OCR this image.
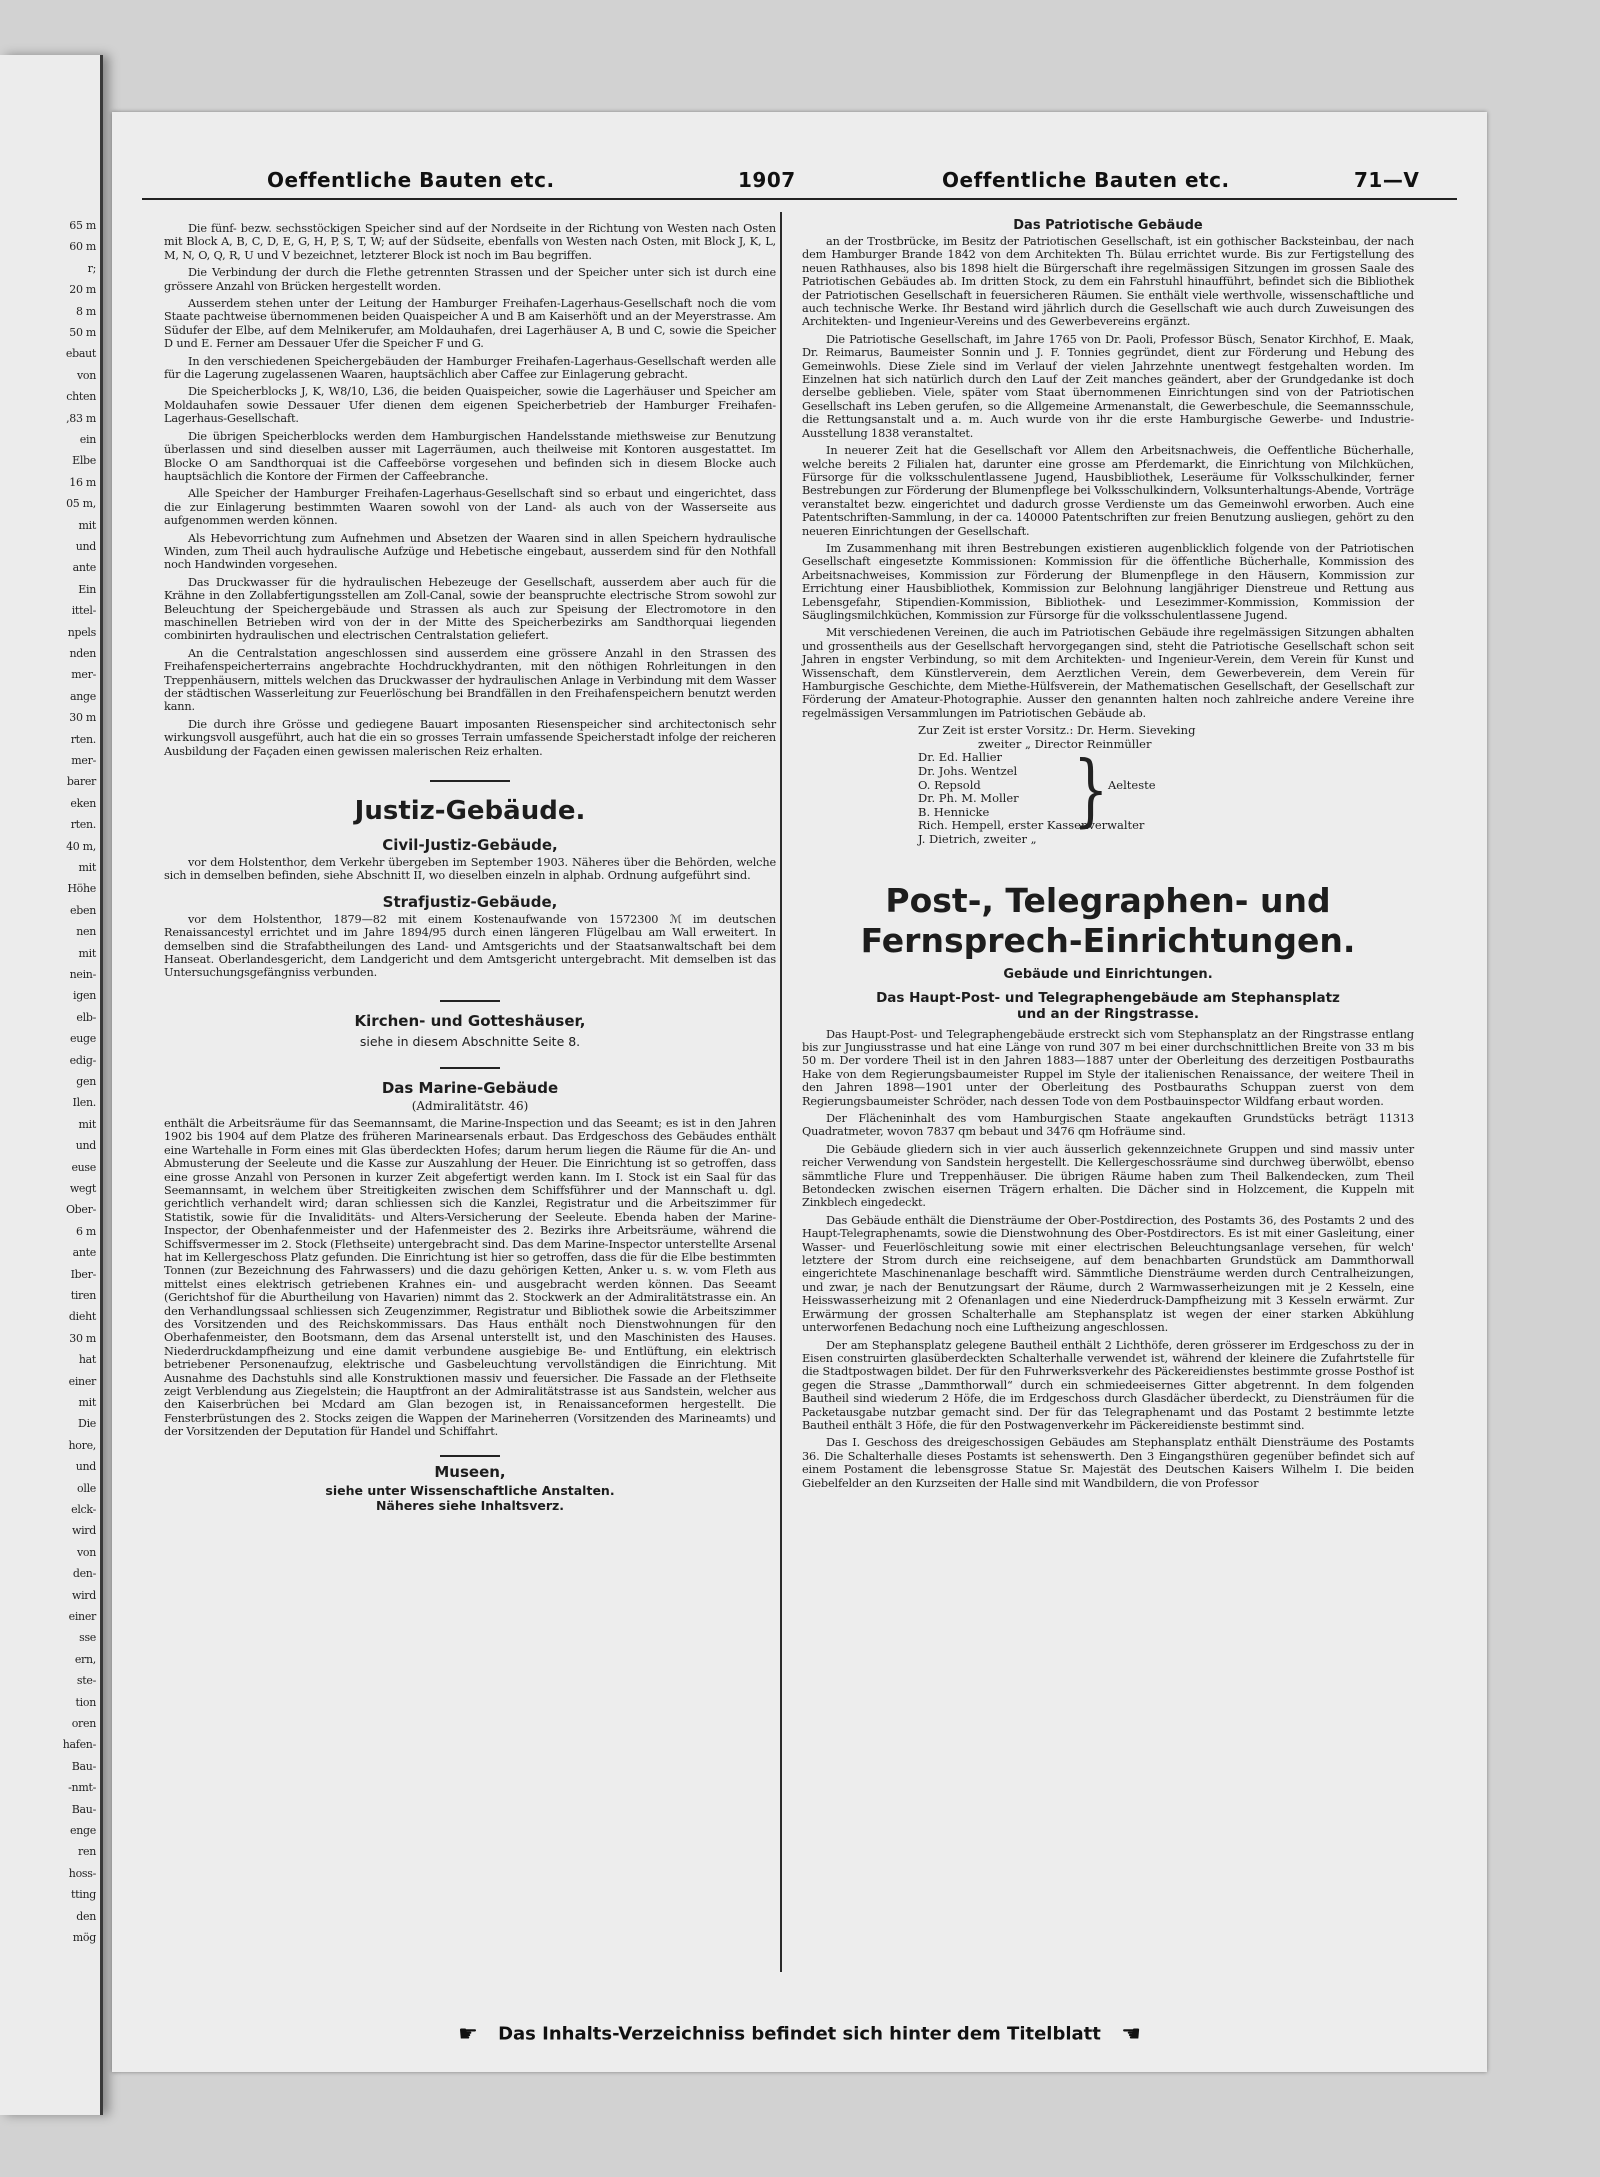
65 m
60 m
r;
20 m
8 m
50 m
ebaut
von
chten
,83 m
ein
Elbe
16 m
05 m,
mit
und
ante
Ein
ittel-
npels
nden
mer-
ange
30 m
rten.
mer-
barer
eken
rten.
40 m,
mit
Höhe
eben
nen
mit
nein-
igen
elb-
euge
edig-
gen
Ilen.
mit
und
euse
wegt
Ober-
6 m
ante
Iber-
tiren
dieht
30 m
hat
einer
mit
Die
hore,
und
olle
elck-
wird
von
den-
wird
einer
sse
ern,
ste-
tion
oren
hafen-
Bau-
-nmt-
Bau-
enge
ren
hoss-
tting
den
mög
Oeffentliche Bauten etc.	1907	Oeffentliche Bauten etc.	71—V

Die fünf- bezw. sechsstöckigen Speicher sind auf der Nordseite in der Richtung von Westen nach Osten mit Block A, B, C, D, E, G, H, P, S, T, W; auf der Südseite, ebenfalls von Westen nach Osten, mit Block J, K, L, M, N, O, Q, R, U und V bezeichnet, letzterer Block ist noch im Bau begriffen.

Die Verbindung der durch die Flethe getrennten Strassen und der Speicher unter sich ist durch eine grössere Anzahl von Brücken hergestellt worden.

Ausserdem stehen unter der Leitung der Hamburger Freihafen-Lagerhaus-Gesellschaft noch die vom Staate pachtweise übernommenen beiden Quaispeicher A und B am Kaiserhöft und an der Meyerstrasse. Am Südufer der Elbe, auf dem Melnikerufer, am Moldauhafen, drei Lagerhäuser A, B und C, sowie die Speicher D und E. Ferner am Dessauer Ufer die Speicher F und G.

In den verschiedenen Speichergebäuden der Hamburger Freihafen-Lagerhaus-Gesellschaft werden alle für die Lagerung zugelassenen Waaren, hauptsächlich aber Caffee zur Einlagerung gebracht.

Die Speicherblocks J, K, W8/10, L36, die beiden Quaispeicher, sowie die Lagerhäuser und Speicher am Moldauhafen sowie Dessauer Ufer dienen dem eigenen Speicherbetrieb der Hamburger Freihafen-Lagerhaus-Gesellschaft.

Die übrigen Speicherblocks werden dem Hamburgischen Handelsstande miethsweise zur Benutzung überlassen und sind dieselben ausser mit Lagerräumen, auch theilweise mit Kontoren ausgestattet. Im Blocke O am Sandthorquai ist die Caffeebörse vorgesehen und befinden sich in diesem Blocke auch hauptsächlich die Kontore der Firmen der Caffeebranche.

Alle Speicher der Hamburger Freihafen-Lagerhaus-Gesellschaft sind so erbaut und eingerichtet, dass die zur Einlagerung bestimmten Waaren sowohl von der Land- als auch von der Wasserseite aus aufgenommen werden können.

Als Hebevorrichtung zum Aufnehmen und Absetzen der Waaren sind in allen Speichern hydraulische Winden, zum Theil auch hydraulische Aufzüge und Hebetische eingebaut, ausserdem sind für den Nothfall noch Handwinden vorgesehen.

Das Druckwasser für die hydraulischen Hebezeuge der Gesellschaft, ausserdem aber auch für die Krähne in den Zollabfertigungsstellen am Zoll-Canal, sowie der beanspruchte electrische Strom sowohl zur Beleuchtung der Speichergebäude und Strassen als auch zur Speisung der Electromotore in den maschinellen Betrieben wird von der in der Mitte des Speicherbezirks am Sandthorquai liegenden combinirten hydraulischen und electrischen Centralstation geliefert.

An die Centralstation angeschlossen sind ausserdem eine grössere Anzahl in den Strassen des Freihafenspeicherterrains angebrachte Hochdruckhydranten, mit den nöthigen Rohrleitungen in den Treppenhäusern, mittels welchen das Druckwasser der hydraulischen Anlage in Verbindung mit dem Wasser der städtischen Wasserleitung zur Feuerlöschung bei Brandfällen in den Freihafenspeichern benutzt werden kann.

Die durch ihre Grösse und gediegene Bauart imposanten Riesenspeicher sind architectonisch sehr wirkungsvoll ausgeführt, auch hat die ein so grosses Terrain umfassende Speicherstadt infolge der reicheren Ausbildung der Façaden einen gewissen malerischen Reiz erhalten.

Justiz-Gebäude.
Civil-Justiz-Gebäude,

vor dem Holstenthor, dem Verkehr übergeben im September 1903. Näheres über die Behörden, welche sich in demselben befinden, siehe Abschnitt II, wo dieselben einzeln in alphab. Ordnung aufgeführt sind.

Strafjustiz-Gebäude,

vor dem Holstenthor, 1879—82 mit einem Kostenaufwande von 1572300 ℳ im deutschen Renaissancestyl errichtet und im Jahre 1894/95 durch einen längeren Flügelbau am Wall erweitert. In demselben sind die Strafabtheilungen des Land- und Amtsgerichts und der Staatsanwaltschaft bei dem Hanseat. Oberlandesgericht, dem Landgericht und dem Amtsgericht untergebracht. Mit demselben ist das Untersuchungsgefängniss verbunden.

Kirchen- und Gotteshäuser,
siehe in diesem Abschnitte Seite 8.
Das Marine-Gebäude
(Admiralitätstr. 46)

enthält die Arbeitsräume für das Seemannsamt, die Marine-Inspection und das Seeamt; es ist in den Jahren 1902 bis 1904 auf dem Platze des früheren Marinearsenals erbaut. Das Erdgeschoss des Gebäudes enthält eine Wartehalle in Form eines mit Glas überdeckten Hofes; darum herum liegen die Räume für die An- und Abmusterung der Seeleute und die Kasse zur Auszahlung der Heuer. Die Einrichtung ist so getroffen, dass eine grosse Anzahl von Personen in kurzer Zeit abgefertigt werden kann. Im I. Stock ist ein Saal für das Seemannsamt, in welchem über Streitigkeiten zwischen dem Schiffsführer und der Mannschaft u. dgl. gerichtlich verhandelt wird; daran schliessen sich die Kanzlei, Registratur und die Arbeitszimmer für Statistik, sowie für die Invaliditäts- und Alters-Versicherung der Seeleute. Ebenda haben der Marine-Inspector, der Obenhafenmeister und der Hafenmeister des 2. Bezirks ihre Arbeitsräume, während die Schiffsvermesser im 2. Stock (Flethseite) untergebracht sind. Das dem Marine-Inspector unterstellte Arsenal hat im Kellergeschoss Platz gefunden. Die Einrichtung ist hier so getroffen, dass die für die Elbe bestimmten Tonnen (zur Bezeichnung des Fahrwassers) und die dazu gehörigen Ketten, Anker u. s. w. vom Fleth aus mittelst eines elektrisch getriebenen Krahnes ein- und ausgebracht werden können. Das Seeamt (Gerichtshof für die Aburtheilung von Havarien) nimmt das 2. Stockwerk an der Admiralitätstrasse ein. An den Verhandlungssaal schliessen sich Zeugenzimmer, Registratur und Bibliothek sowie die Arbeitszimmer des Vorsitzenden und des Reichskommissars. Das Haus enthält noch Dienstwohnungen für den Oberhafenmeister, den Bootsmann, dem das Arsenal unterstellt ist, und den Maschinisten des Hauses. Niederdruckdampfheizung und eine damit verbundene ausgiebige Be- und Entlüftung, ein elektrisch betriebener Personenaufzug, elektrische und Gasbeleuchtung vervollständigen die Einrichtung. Mit Ausnahme des Dachstuhls sind alle Konstruktionen massiv und feuersicher. Die Fassade an der Flethseite zeigt Verblendung aus Ziegelstein; die Hauptfront an der Admiralitätstrasse ist aus Sandstein, welcher aus den Kaiserbrüchen bei Mcdard am Glan bezogen ist, in Renaissanceformen hergestellt. Die Fensterbrüstungen des 2. Stocks zeigen die Wappen der Marineherren (Vorsitzenden des Marineamts) und der Vorsitzenden der Deputation für Handel und Schiffahrt.

Museen,
siehe unter Wissenschaftliche Anstalten.
Näheres siehe Inhaltsverz.
Das Patriotische Gebäude

an der Trostbrücke, im Besitz der Patriotischen Gesellschaft, ist ein gothischer Backsteinbau, der nach dem Hamburger Brande 1842 von dem Architekten Th. Bülau errichtet wurde. Bis zur Fertigstellung des neuen Rathhauses, also bis 1898 hielt die Bürgerschaft ihre regelmässigen Sitzungen im grossen Saale des Patriotischen Gebäudes ab. Im dritten Stock, zu dem ein Fahrstuhl hinaufführt, befindet sich die Bibliothek der Patriotischen Gesellschaft in feuersicheren Räumen. Sie enthält viele werthvolle, wissenschaftliche und auch technische Werke. Ihr Bestand wird jährlich durch die Gesellschaft wie auch durch Zuweisungen des Architekten- und Ingenieur-Vereins und des Gewerbevereins ergänzt.

Die Patriotische Gesellschaft, im Jahre 1765 von Dr. Paoli, Professor Büsch, Senator Kirchhof, E. Maak, Dr. Reimarus, Baumeister Sonnin und J. F. Tonnies gegründet, dient zur Förderung und Hebung des Gemeinwohls. Diese Ziele sind im Verlauf der vielen Jahrzehnte unentwegt festgehalten worden. Im Einzelnen hat sich natürlich durch den Lauf der Zeit manches geändert, aber der Grundgedanke ist doch derselbe geblieben. Viele, später vom Staat übernommenen Einrichtungen sind von der Patriotischen Gesellschaft ins Leben gerufen, so die Allgemeine Armenanstalt, die Gewerbeschule, die Seemannsschule, die Rettungsanstalt und a. m. Auch wurde von ihr die erste Hamburgische Gewerbe- und Industrie-Ausstellung 1838 veranstaltet.

In neuerer Zeit hat die Gesellschaft vor Allem den Arbeitsnachweis, die Oeffentliche Bücherhalle, welche bereits 2 Filialen hat, darunter eine grosse am Pferdemarkt, die Einrichtung von Milchküchen, Fürsorge für die volksschulentlassene Jugend, Hausbibliothek, Leseräume für Volksschulkinder, ferner Bestrebungen zur Förderung der Blumenpflege bei Volksschulkindern, Volksunterhaltungs-Abende, Vorträge veranstaltet bezw. eingerichtet und dadurch grosse Verdienste um das Gemeinwohl erworben. Auch eine Patentschriften-Sammlung, in der ca. 140000 Patentschriften zur freien Benutzung ausliegen, gehört zu den neueren Einrichtungen der Gesellschaft.

Im Zusammenhang mit ihren Bestrebungen existieren augenblicklich folgende von der Patriotischen Gesellschaft eingesetzte Kommissionen: Kommission für die öffentliche Bücherhalle, Kommission des Arbeitsnachweises, Kommission zur Förderung der Blumenpflege in den Häusern, Kommission zur Errichtung einer Hausbibliothek, Kommission zur Belohnung langjähriger Dienstreue und Rettung aus Lebensgefahr, Stipendien-Kommission, Bibliothek- und Lesezimmer-Kommission, Kommission der Säuglingsmilchküchen, Kommission zur Fürsorge für die volksschulentlassene Jugend.

Mit verschiedenen Vereinen, die auch im Patriotischen Gebäude ihre regelmässigen Sitzungen abhalten und grossentheils aus der Gesellschaft hervorgegangen sind, steht die Patriotische Gesellschaft schon seit Jahren in engster Verbindung, so mit dem Architekten- und Ingenieur-Verein, dem Verein für Kunst und Wissenschaft, dem Künstlerverein, dem Aerztlichen Verein, dem Gewerbeverein, dem Verein für Hamburgische Geschichte, dem Miethe-Hülfsverein, der Mathematischen Gesellschaft, der Gesellschaft zur Förderung der Amateur-Photographie. Ausser den genannten halten noch zahlreiche andere Vereine ihre regelmässigen Versammlungen im Patriotischen Gebäude ab.

Zur Zeit ist erster Vorsitz.: Dr. Herm. Sieveking
zweiter „ Director Reinmüller
Dr. Ed. Hallier
Dr. Johs. Wentzel
O. Repsold
Dr. Ph. M. Moller
B. Hennicke	} Aelteste
Rich. Hempell, erster Kassenverwalter
J. Dietrich, zweiter „
Post-, Telegraphen- und
Fernsprech-Einrichtungen.
Gebäude und Einrichtungen.
Das Haupt-Post- und Telegraphengebäude am Stephansplatz
und an der Ringstrasse.

Das Haupt-Post- und Telegraphengebäude erstreckt sich vom Stephansplatz an der Ringstrasse entlang bis zur Jungiusstrasse und hat eine Länge von rund 307 m bei einer durchschnittlichen Breite von 33 m bis 50 m. Der vordere Theil ist in den Jahren 1883—1887 unter der Oberleitung des derzeitigen Postbauraths Hake von dem Regierungsbaumeister Ruppel im Style der italienischen Renaissance, der weitere Theil in den Jahren 1898—1901 unter der Oberleitung des Postbauraths Schuppan zuerst von dem Regierungsbaumeister Schröder, nach dessen Tode von dem Postbauinspector Wildfang erbaut worden.

Der Flächeninhalt des vom Hamburgischen Staate angekauften Grundstücks beträgt 11313 Quadratmeter, wovon 7837 qm bebaut und 3476 qm Hofräume sind.

Die Gebäude gliedern sich in vier auch äusserlich gekennzeichnete Gruppen und sind massiv unter reicher Verwendung von Sandstein hergestellt. Die Kellergeschossräume sind durchweg überwölbt, ebenso sämmtliche Flure und Treppenhäuser. Die übrigen Räume haben zum Theil Balkendecken, zum Theil Betondecken zwischen eisernen Trägern erhalten. Die Dächer sind in Holzcement, die Kuppeln mit Zinkblech eingedeckt.

Das Gebäude enthält die Diensträume der Ober-Postdirection, des Postamts 36, des Postamts 2 und des Haupt-Telegraphenamts, sowie die Dienstwohnung des Ober-Postdirectors. Es ist mit einer Gasleitung, einer Wasser- und Feuerlöschleitung sowie mit einer electrischen Beleuchtungsanlage versehen, für welch' letztere der Strom durch eine reichseigene, auf dem benachbarten Grundstück am Dammthorwall eingerichtete Maschinenanlage beschafft wird. Sämmtliche Diensträume werden durch Centralheizungen, und zwar, je nach der Benutzungsart der Räume, durch 2 Warmwasserheizungen mit je 2 Kesseln, eine Heisswasserheizung mit 2 Ofenanlagen und eine Niederdruck-Dampfheizung mit 3 Kesseln erwärmt. Zur Erwärmung der grossen Schalterhalle am Stephansplatz ist wegen der einer starken Abkühlung unterworfenen Bedachung noch eine Luftheizung angeschlossen.

Der am Stephansplatz gelegene Bautheil enthält 2 Lichthöfe, deren grösserer im Erdgeschoss zu der in Eisen construirten glasüberdeckten Schalterhalle verwendet ist, während der kleinere die Zufahrtstelle für die Stadtpostwagen bildet. Der für den Fuhrwerksverkehr des Päckereidienstes bestimmte grosse Posthof ist gegen die Strasse „Dammthorwall“ durch ein schmiedeeisernes Gitter abgetrennt. In dem folgenden Bautheil sind wiederum 2 Höfe, die im Erdgeschoss durch Glasdächer überdeckt, zu Diensträumen für die Packetausgabe nutzbar gemacht sind. Der für das Telegraphenamt und das Postamt 2 bestimmte letzte Bautheil enthält 3 Höfe, die für den Postwagenverkehr im Päckereidienste bestimmt sind.

Das I. Geschoss des dreigeschossigen Gebäudes am Stephansplatz enthält Diensträume des Postamts 36. Die Schalterhalle dieses Postamts ist sehenswerth. Den 3 Eingangsthüren gegenüber befindet sich auf einem Postament die lebensgrosse Statue Sr. Majestät des Deutschen Kaisers Wilhelm I. Die beiden Giebelfelder an den Kurzseiten der Halle sind mit Wandbildern, die von Professor

☛ Das Inhalts-Verzeichniss befindet sich hinter dem Titelblatt ☚
